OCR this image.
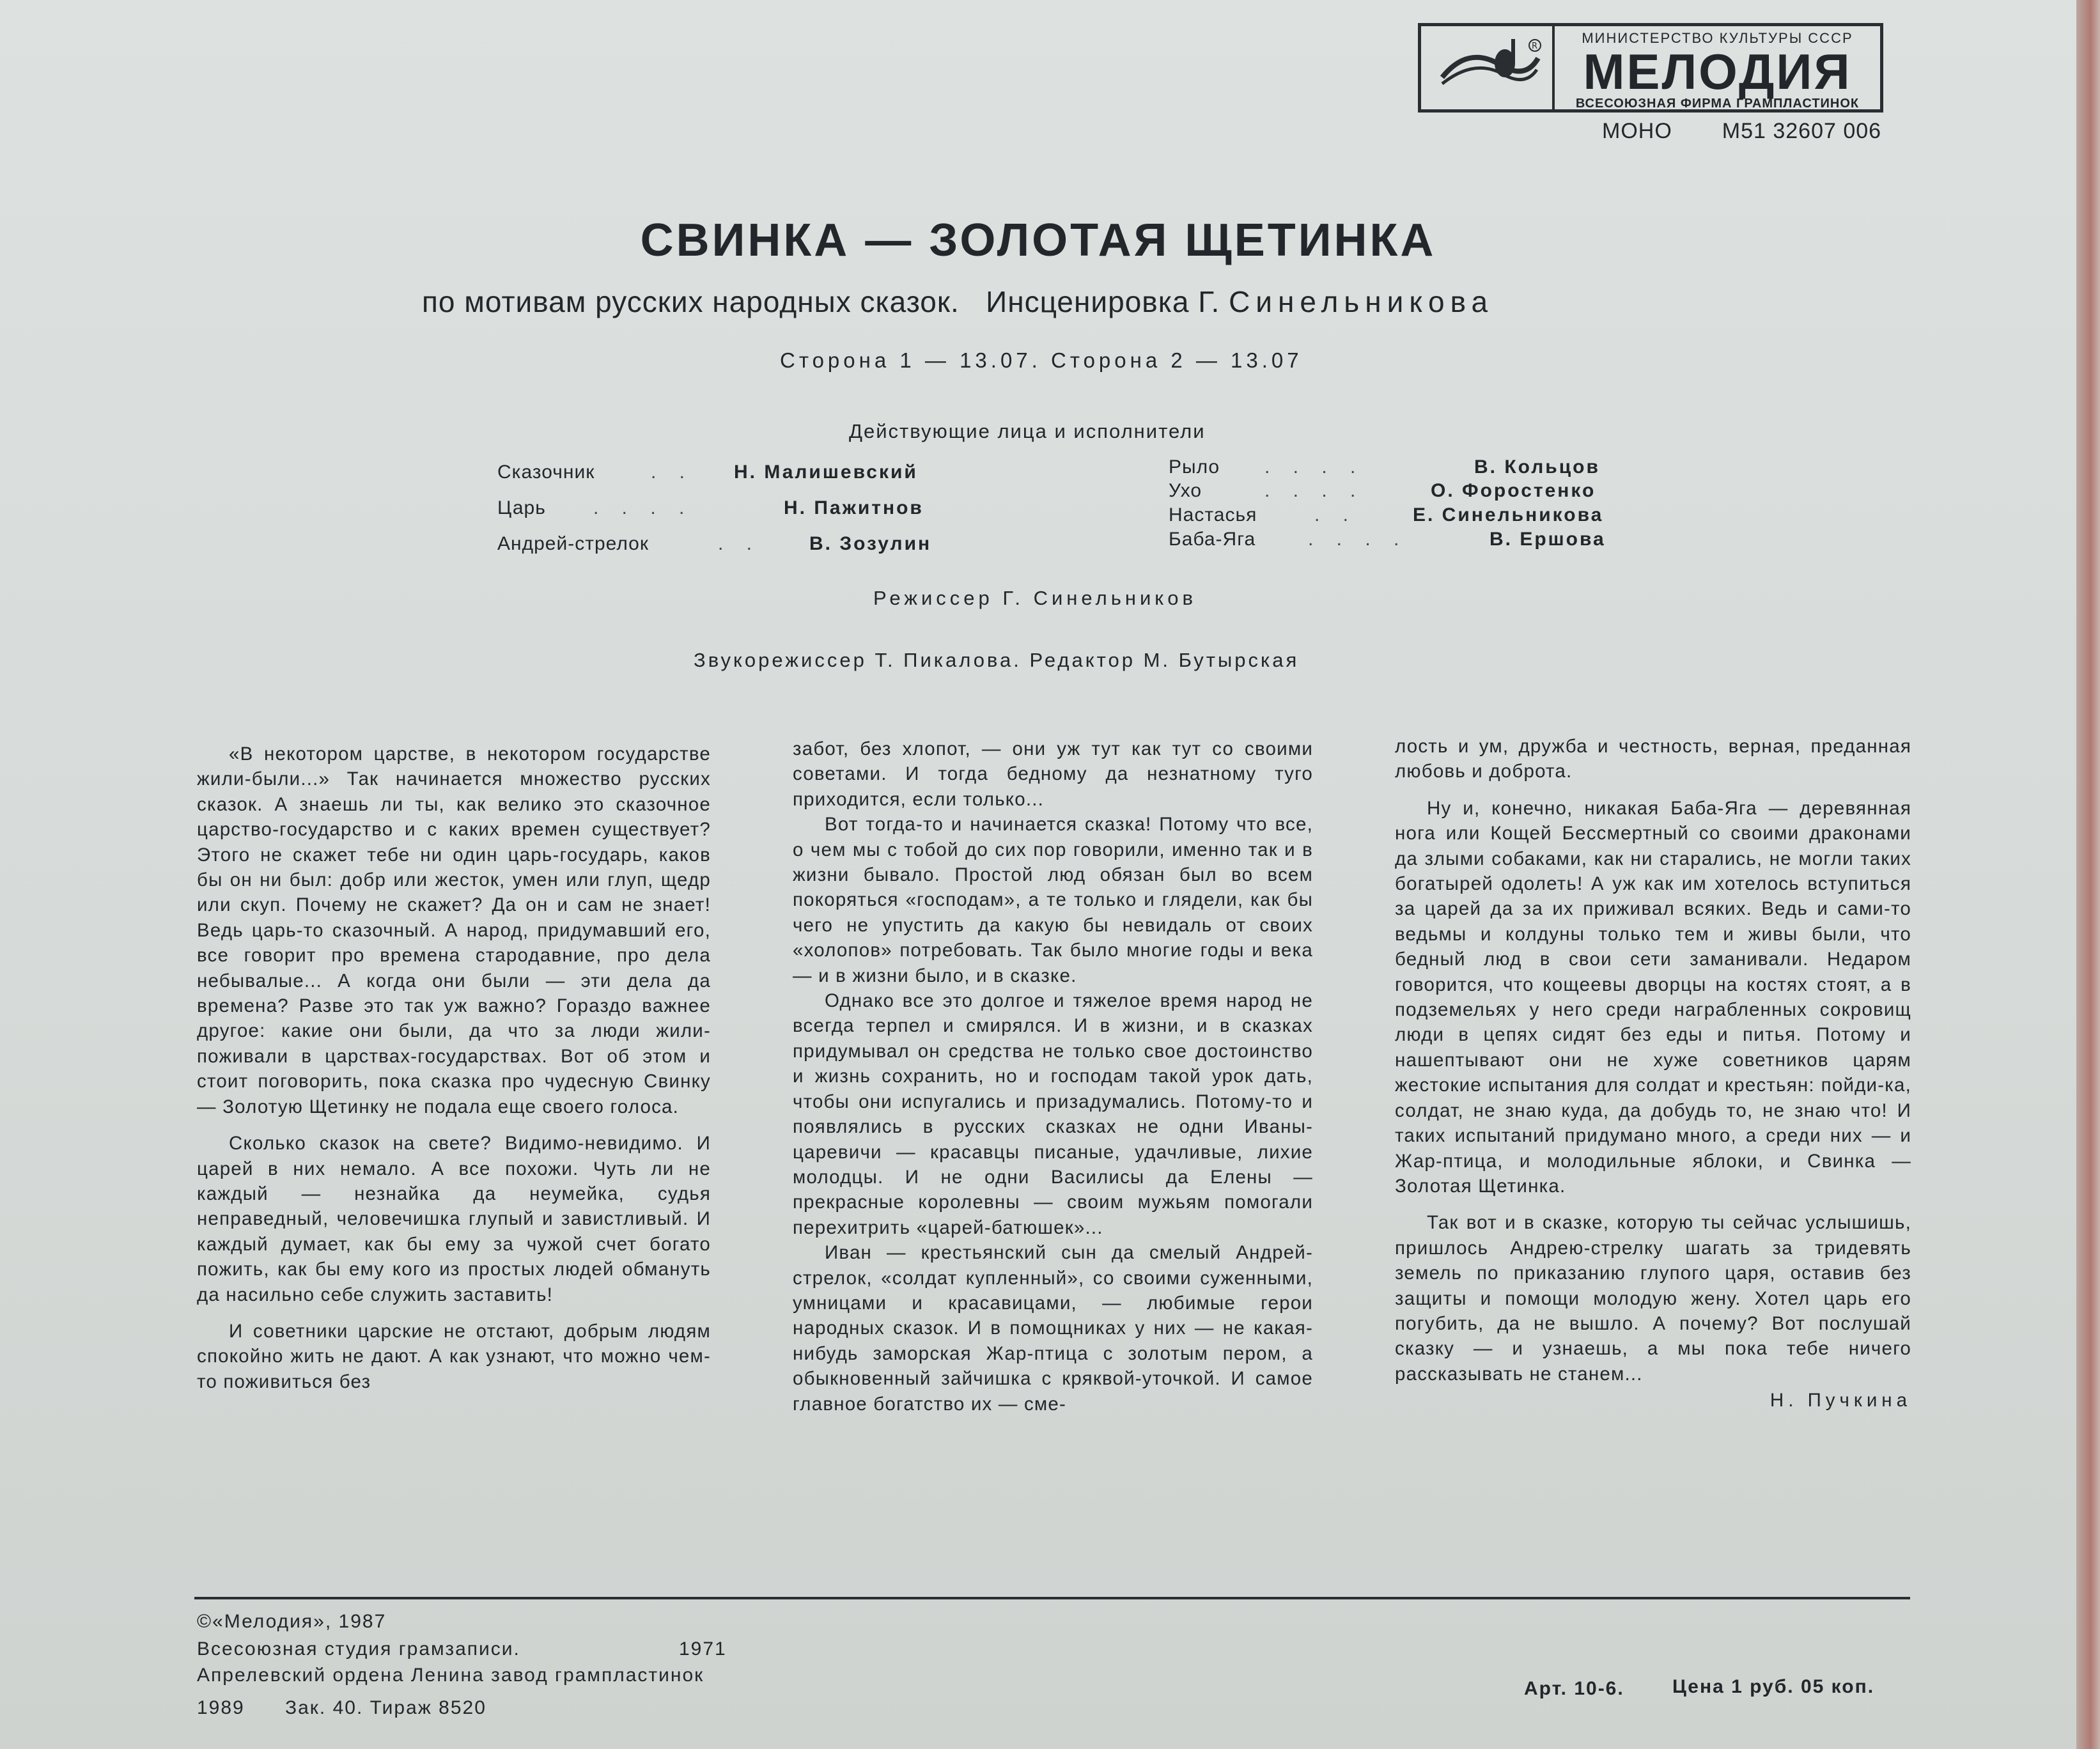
R
МИНИСТЕРСТВО КУЛЬТУРЫ СССР
МЕЛОДИЯ
ВСЕСОЮЗНАЯ ФИРМА ГРАМПЛАСТИНОК
МОНО М51 32607 006
СВИНКА — ЗОЛОТАЯ ЩЕТИНКА
по мотивам русских народных сказок. Инсценировка Г. Синельникова
Сторона 1 — 13.07. Сторона 2 — 13.07
Действующие лица и исполнители
Сказочник	. . Н. Малишевский
Царь . . . .	Н. Пажитнов
Андрей-стрелок	. .	В. Зозулин
Рыло . . . .	В. Кольцов
Ухо	. . . .	О. Форостенко
Настасья	. .	Е. Синельникова
Баба-Яга	. . . .	В. Ершова
Режиссер Г. Синельников
Звукорежиссер Т. Пикалова. Редактор М. Бутырская

«В некотором царстве, в некотором государстве жили-были...» Так начинается множество русских сказок. А знаешь ли ты, как велико это сказочное царство-государство и с каких времен существует? Этого не скажет тебе ни один царь-государь, каков бы он ни был: добр или жесток, умен или глуп, щедр или скуп. Почему не скажет? Да он и сам не знает! Ведь царь-то сказочный. А народ, придумавший его, все говорит про времена стародавние, про дела небывалые... А когда они были — эти дела да времена? Разве это так уж важно? Гораздо важнее другое: какие они были, да что за люди жили-поживали в царствах-государствах. Вот об этом и стоит поговорить, пока сказка про чудесную Свинку — Золотую Щетинку не подала еще своего голоса.

Сколько сказок на свете? Видимо-невидимо. И царей в них немало. А все похожи. Чуть ли не каждый — незнайка да неумейка, судья неправедный, человечишка глупый и завистливый. И каждый думает, как бы ему за чужой счет богато пожить, как бы ему кого из простых людей обмануть да насильно себе служить заставить!

И советники царские не отстают, добрым людям спокойно жить не дают. А как узнают, что можно чем-то поживиться без

забот, без хлопот, — они уж тут как тут со своими советами. И тогда бедному да незнатному туго приходится, если только...

Вот тогда-то и начинается сказка! Потому что все, о чем мы с тобой до сих пор говорили, именно так и в жизни бывало. Простой люд обязан был во всем покоряться «господам», а те только и глядели, как бы чего не упустить да какую бы невидаль от своих «холопов» потребовать. Так было многие годы и века — и в жизни было, и в сказке.

Однако все это долгое и тяжелое время народ не всегда терпел и смирялся. И в жизни, и в сказках придумывал он средства не только свое достоинство и жизнь сохранить, но и господам такой урок дать, чтобы они испугались и призадумались. Потому-то и появлялись в русских сказках не одни Иваны-царевичи — красавцы писаные, удачливые, лихие молодцы. И не одни Василисы да Елены — прекрасные королевны — своим мужьям помогали перехитрить «царей-батюшек»...

Иван — крестьянский сын да смелый Андрей-стрелок, «солдат купленный», со своими суженными, умницами и красавицами, — любимые герои народных сказок. И в помощниках у них — не какая-нибудь заморская Жар-птица с золотым пером, а обыкновенный зайчишка с кряквой-уточкой. И самое главное богатство их — сме-

лость и ум, дружба и честность, верная, преданная любовь и доброта.

Ну и, конечно, никакая Баба-Яга — деревянная нога или Кощей Бессмертный со своими драконами да злыми собаками, как ни старались, не могли таких богатырей одолеть! А уж как им хотелось вступиться за царей да за их приживал всяких. Ведь и сами-то ведьмы и колдуны только тем и живы были, что бедный люд в свои сети заманивали. Недаром говорится, что кощеевы дворцы на костях стоят, а в подземельях у него среди награбленных сокровищ люди в цепях сидят без еды и питья. Потому и нашептывают они не хуже советников царям жестокие испытания для солдат и крестьян: пойди-ка, солдат, не знаю куда, да добудь то, не знаю что! И таких испытаний придумано много, а среди них — и Жар-птица, и молодильные яблоки, и Свинка — Золотая Щетинка.

Так вот и в сказке, которую ты сейчас услышишь, пришлось Андрею-стрелку шагать за тридевять земель по приказанию глупого царя, оставив без защиты и помощи молодую жену. Хотел царь его погубить, да не вышло. А почему? Вот послушай сказку — и узнаешь, а мы пока тебе ничего рассказывать не станем...

Н. Пучкина
©«Мелодия», 1987
Всесоюзная студия грамзаписи.	1971
Апрелевский ордена Ленина завод грампластинок
1989 Зак. 40. Тираж 8520
Арт. 10-6.	Цена 1 руб. 05 коп.
